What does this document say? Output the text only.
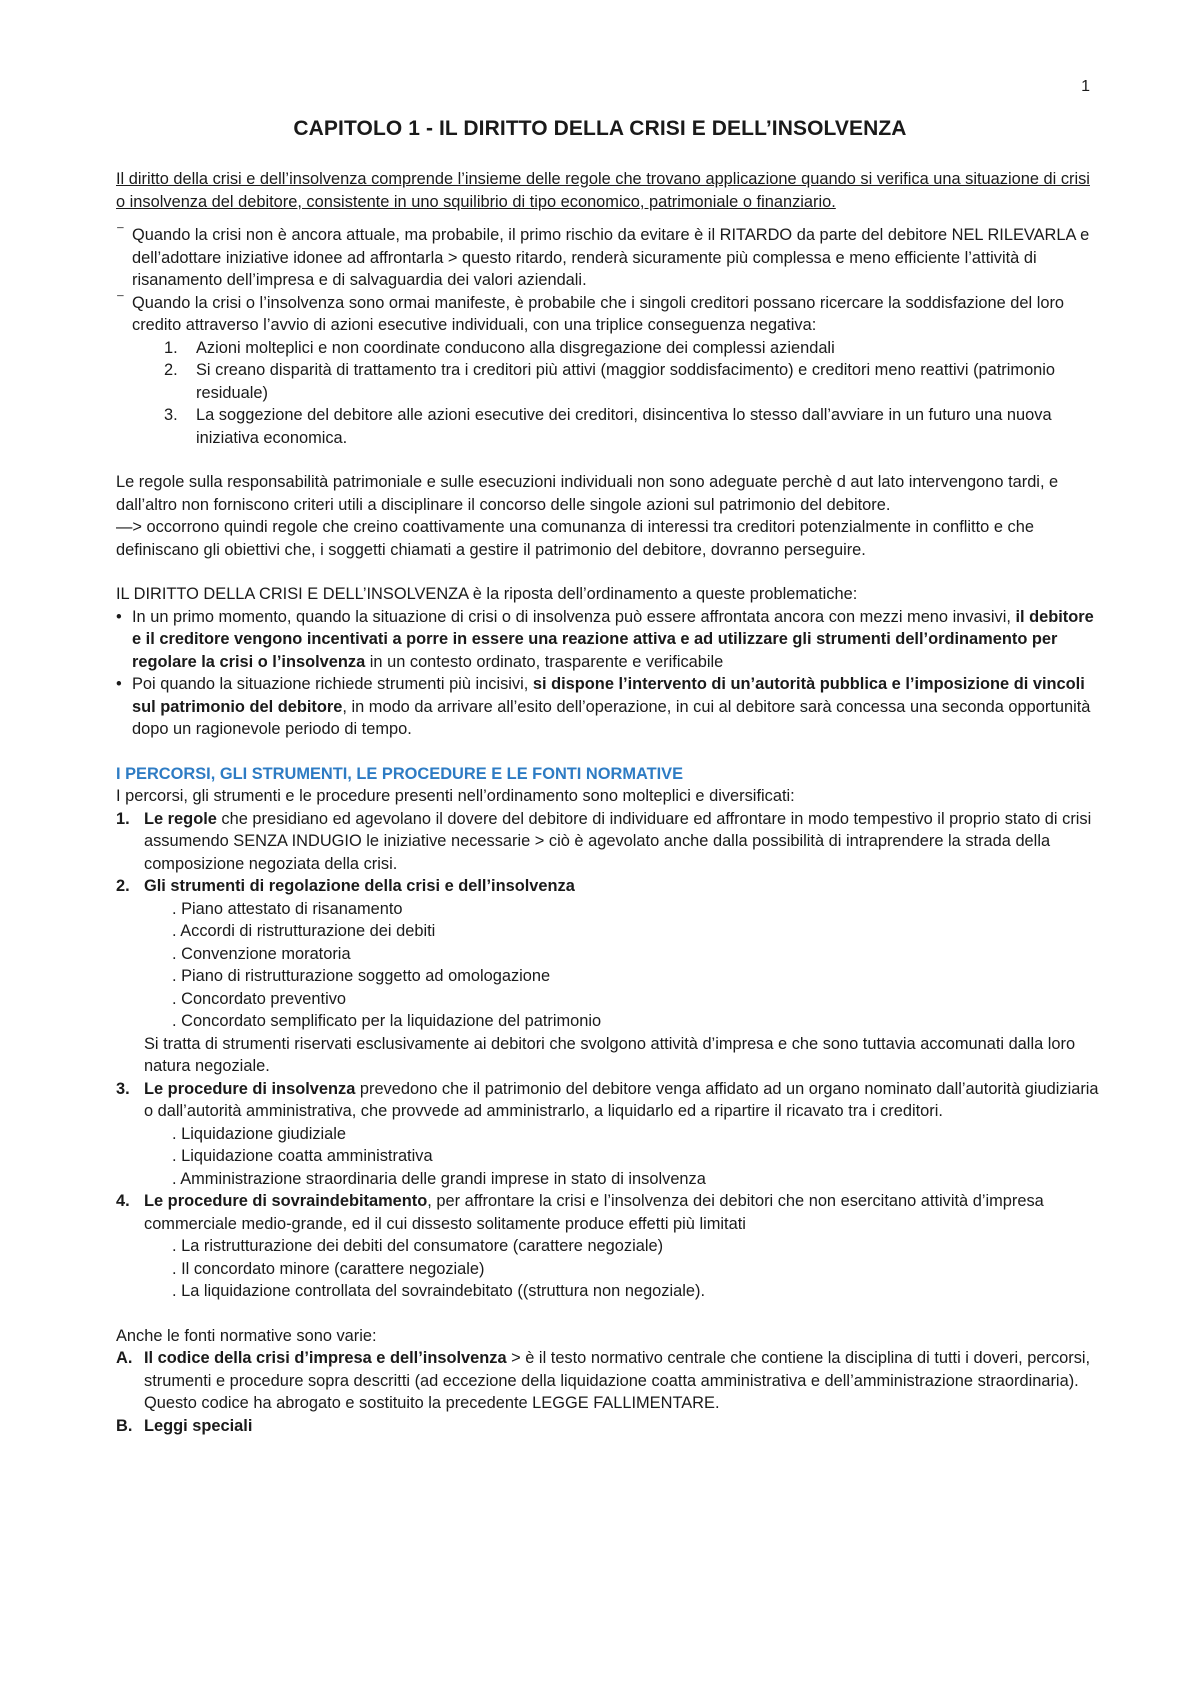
1
CAPITOLO 1 - IL DIRITTO DELLA CRISI E DELL’INSOLVENZA

Il diritto della crisi e dell’insolvenza comprende l’insieme delle regole che trovano applicazione quando si verifica una situazione di crisi o insolvenza del debitore, consistente in uno squilibrio di tipo economico, patrimoniale o finanziario.

⁻ Quando la crisi non è ancora attuale, ma probabile, il primo rischio da evitare è il RITARDO da parte del debitore NEL RILEVARLA e dell’adottare iniziative idonee ad affrontarla > questo ritardo, renderà sicuramente più complessa e meno efficiente l’attività di risanamento dell’impresa e di salvaguardia dei valori aziendali.
⁻ Quando la crisi o l’insolvenza sono ormai manifeste, è probabile che i singoli creditori possano ricercare la soddisfazione del loro credito attraverso l’avvio di azioni esecutive individuali, con una triplice conseguenza negativa:
1. Azioni molteplici e non coordinate conducono alla disgregazione dei complessi aziendali
2. Si creano disparità di trattamento tra i creditori più attivi (maggior soddisfacimento) e creditori meno reattivi (patrimonio residuale)
3. La soggezione del debitore alle azioni esecutive dei creditori, disincentiva lo stesso dall’avviare in un futuro una nuova iniziativa economica.

Le regole sulla responsabilità patrimoniale e sulle esecuzioni individuali non sono adeguate perchè d aut lato intervengono tardi, e dall’altro non forniscono criteri utili a disciplinare il concorso delle singole azioni sul patrimonio del debitore.

—> occorrono quindi regole che creino coattivamente una comunanza di interessi tra creditori potenzialmente in conflitto e che definiscano gli obiettivi che, i soggetti chiamati a gestire il patrimonio del debitore, dovranno perseguire.

IL DIRITTO DELLA CRISI E DELL’INSOLVENZA è la riposta dell’ordinamento a queste problematiche:

• In un primo momento, quando la situazione di crisi o di insolvenza può essere affrontata ancora con mezzi meno invasivi, il debitore e il creditore vengono incentivati a porre in essere una reazione attiva e ad utilizzare gli strumenti dell’ordinamento per regolare la crisi o l’insolvenza in un contesto ordinato, trasparente e verificabile
• Poi quando la situazione richiede strumenti più incisivi, si dispone l’intervento di un’autorità pubblica e l’imposizione di vincoli sul patrimonio del debitore, in modo da arrivare all’esito dell’operazione, in cui al debitore sarà concessa una seconda opportunità dopo un ragionevole periodo di tempo.
I PERCORSI, GLI STRUMENTI, LE PROCEDURE E LE FONTI NORMATIVE

I percorsi, gli strumenti e le procedure presenti nell’ordinamento sono molteplici e diversificati:

1. Le regole che presidiano ed agevolano il dovere del debitore di individuare ed affrontare in modo tempestivo il proprio stato di crisi assumendo SENZA INDUGIO le iniziative necessarie > ciò è agevolato anche dalla possibilità di intraprendere la strada della composizione negoziata della crisi.
2. Gli strumenti di regolazione della crisi e dell’insolvenza
. Piano attestato di risanamento
. Accordi di ristrutturazione dei debiti
. Convenzione moratoria
. Piano di ristrutturazione soggetto ad omologazione
. Concordato preventivo
. Concordato semplificato per la liquidazione del patrimonio

Si tratta di strumenti riservati esclusivamente ai debitori che svolgono attività d’impresa e che sono tuttavia accomunati dalla loro natura negoziale.

3. Le procedure di insolvenza prevedono che il patrimonio del debitore venga affidato ad un organo nominato dall’autorità giudiziaria o dall’autorità amministrativa, che provvede ad amministrarlo, a liquidarlo ed a ripartire il ricavato tra i creditori.
. Liquidazione giudiziale
. Liquidazione coatta amministrativa
. Amministrazione straordinaria delle grandi imprese in stato di insolvenza
4. Le procedure di sovraindebitamento, per affrontare la crisi e l’insolvenza dei debitori che non esercitano attività d’impresa commerciale medio-grande, ed il cui dissesto solitamente produce effetti più limitati
. La ristrutturazione dei debiti del consumatore (carattere negoziale)
. Il concordato minore (carattere negoziale)
. La liquidazione controllata del sovraindebitato ((struttura non negoziale).

Anche le fonti normative sono varie:

A. Il codice della crisi d’impresa e dell’insolvenza > è il testo normativo centrale che contiene la disciplina di tutti i doveri, percorsi, strumenti e procedure sopra descritti (ad eccezione della liquidazione coatta amministrativa e dell’amministrazione straordinaria).

Questo codice ha abrogato e sostituito la precedente LEGGE FALLIMENTARE.

B. Leggi speciali
